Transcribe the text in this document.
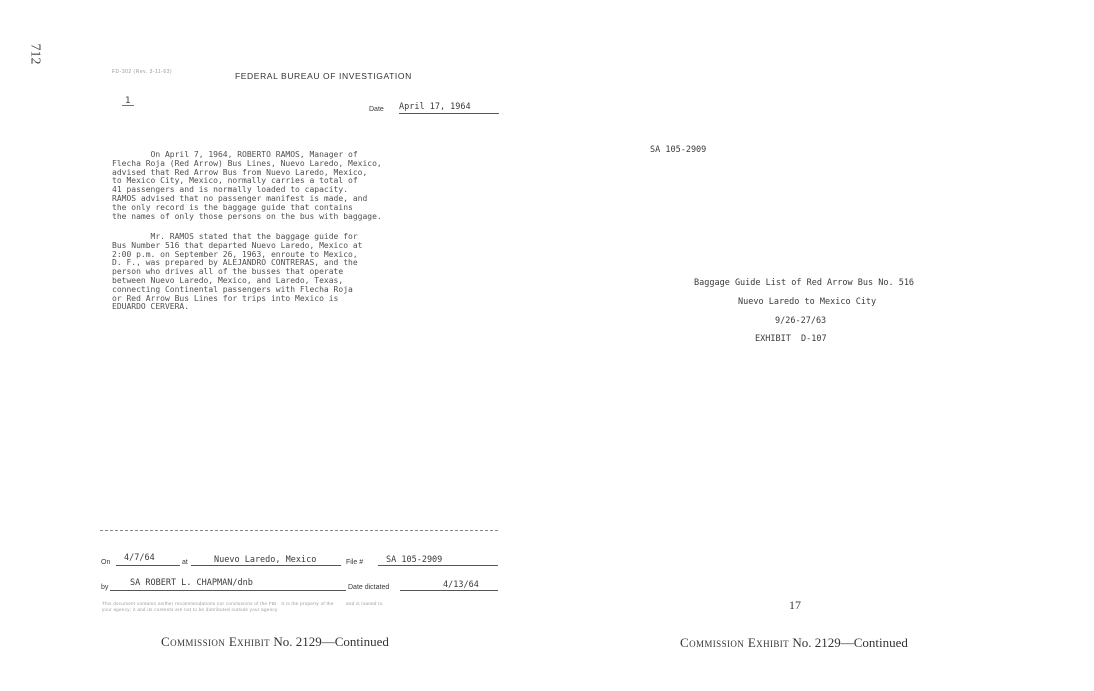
712
FD-302 (Rev. 3-11-63)	FEDERAL BUREAU OF INVESTIGATION
1
Date April 17, 1964
On April 7, 1964, ROBERTO RAMOS, Manager of
Flecha Roja (Red Arrow) Bus Lines, Nuevo Laredo, Mexico,
advised that Red Arrow Bus from Nuevo Laredo, Mexico,
to Mexico City, Mexico, normally carries a total of
41 passengers and is normally loaded to capacity.
RAMOS advised that no passenger manifest is made, and
the only record is the baggage guide that contains
the names of only those persons on the bus with baggage.
Mr. RAMOS stated that the baggage guide for
Bus Number 516 that departed Nuevo Laredo, Mexico at
2:00 p.m. on September 26, 1963, enroute to Mexico,
D. F., was prepared by ALEJANDRO CONTRERAS, and the
person who drives all of the busses that operate
between Nuevo Laredo, Mexico, and Laredo, Texas,
connecting Continental passengers with Flecha Roja
or Red Arrow Bus Lines for trips into Mexico is
EDUARDO CERVERA.
On 4/7/64	at	Nuevo Laredo, Mexico	File #	SA 105-2909
by	SA ROBERT L. CHAPMAN/dnb	Date dictated	4/13/64
This document contains neither recommendations nor conclusions of the FBI.  It is the property of the        and is loaned to
your agency; it and its contents are not to be distributed outside your agency.
Commission Exhibit No. 2129—Continued
SA 105-2909
Baggage Guide List of Red Arrow Bus No. 516
Nuevo Laredo to Mexico City
9/26-27/63
EXHIBIT  D-107
17
Commission Exhibit No. 2129—Continued
